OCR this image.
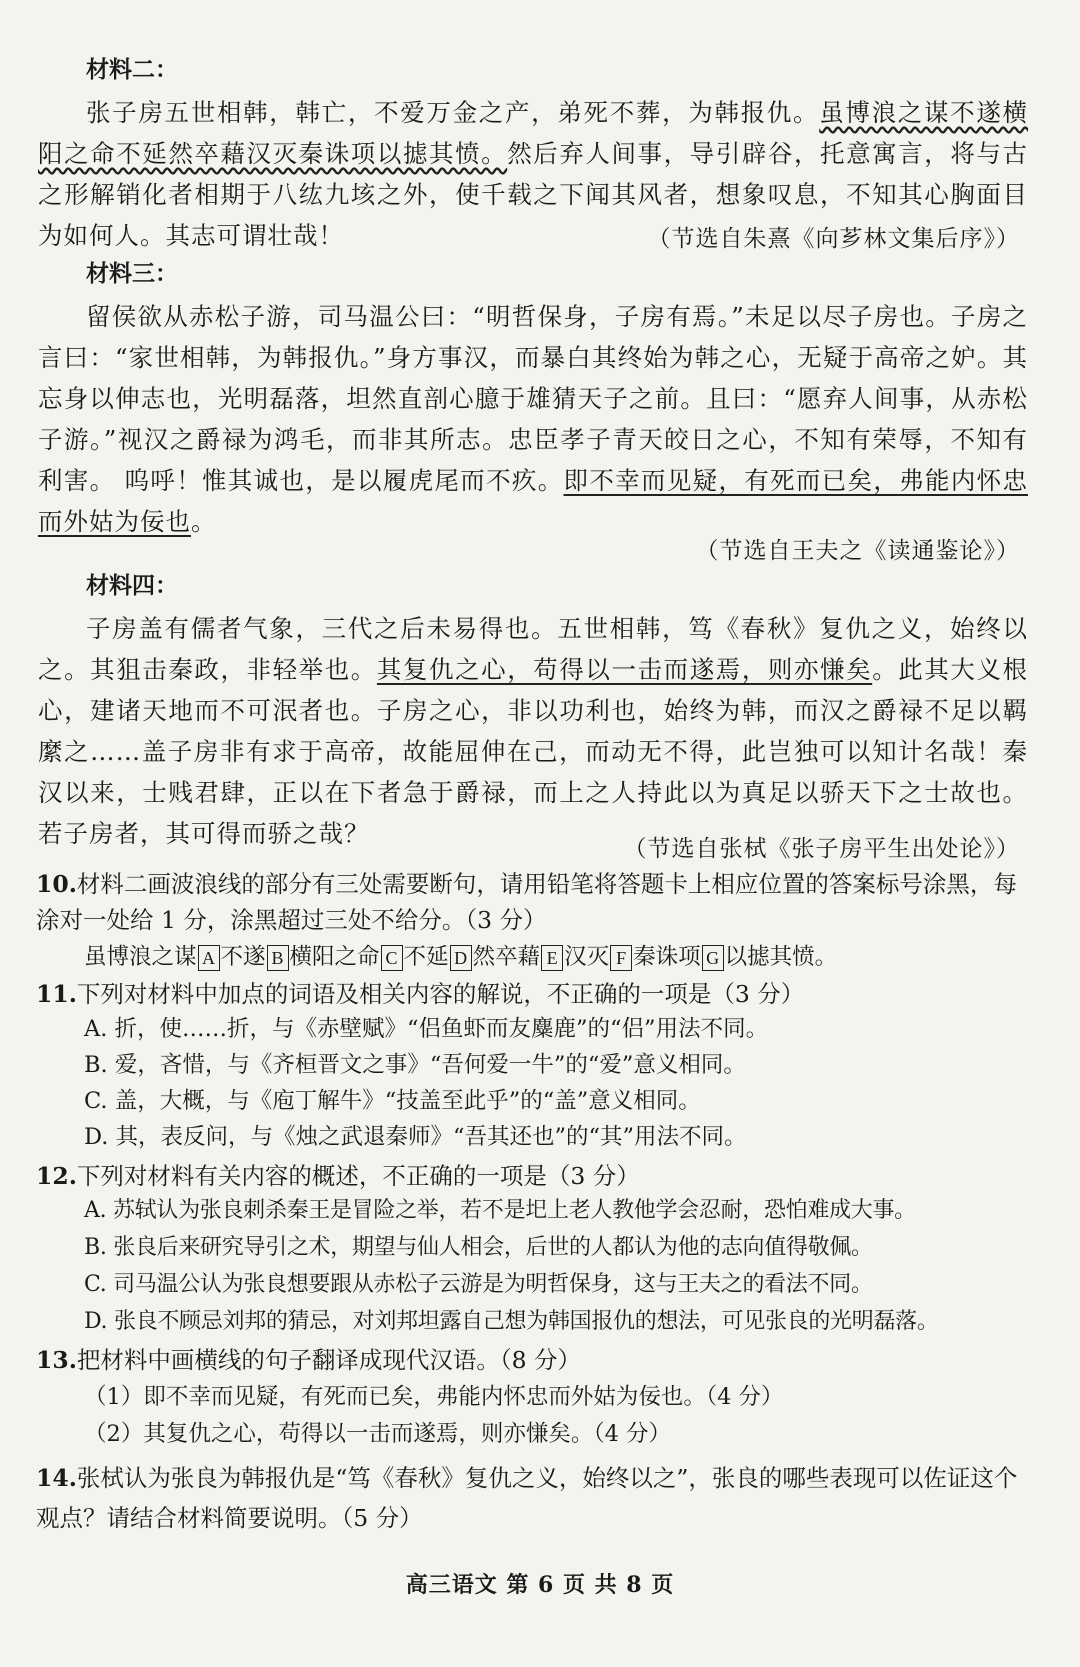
材料二：

张子房五世相韩，韩亡，不爱万金之产，弟死不葬，为韩报仇。虽博浪之谋不遂横阳之命不延然卒藉汉灭秦诛项以摅其愤。然后弃人间事，导引辟谷，托意寓言，将与古之形解销化者相期于八纮九垓之外，使千载之下闻其风者，想象叹息，不知其心胸面目为如何人。其志可谓壮哉！	（节选自朱熹《向芗林文集后序》）
材料三：

留侯欲从赤松子游，司马温公曰：“明哲保身，子房有焉。”未足以尽子房也。子房之言曰：“家世相韩，为韩报仇。”身方事汉，而暴白其终始为韩之心，无疑于高帝之妒。其忘身以伸志也，光明磊落，坦然直剖心臆于雄猜天子之前。且曰：“愿弃人间事，从赤松子游。”视汉之爵禄为鸿毛，而非其所志。忠臣孝子青天皎日之心，不知有荣辱，不知有利害。 呜呼！惟其诚也，是以履虎尾而不疚。即不幸而见疑，有死而已矣，弗能内怀忠而外姑为佞也。

（节选自王夫之《读通鉴论》）
材料四：

子房盖有儒者气象，三代之后未易得也。五世相韩，笃《春秋》复仇之义，始终以之。其狙击秦政，非轻举也。其复仇之心，苟得以一击而遂焉，则亦慊矣。此其大义根心，建诸天地而不可泯者也。子房之心，非以功利也，始终为韩，而汉之爵禄不足以羁縻之……盖子房非有求于高帝，故能屈伸在己，而动无不得，此岂独可以知计名哉！秦汉以来，士贱君肆，正以在下者急于爵禄，而上之人持此以为真足以骄天下之士故也。若子房者，其可得而骄之哉？

（节选自张栻《张子房平生出处论》）
10.材料二画波浪线的部分有三处需要断句，请用铅笔将答题卡上相应位置的答案标号涂黑，每涂对一处给 1 分，涂黑超过三处不给分。（3 分）
虽博浪之谋 A 不遂 B 横阳之命 C 不延 D 然卒藉 E 汉灭 F 秦诛项 G 以摅其愤。
11.下列对材料中加点的词语及相关内容的解说，不正确的一项是（3 分）
A. 折，使……折，与《赤壁赋》“侣鱼虾而友麋鹿”的“侣”用法不同。
B. 爱，吝惜，与《齐桓晋文之事》“吾何爱一牛”的“爱”意义相同。
C. 盖，大概，与《庖丁解牛》“技盖至此乎”的“盖”意义相同。
D. 其，表反问，与《烛之武退秦师》“吾其还也”的“其”用法不同。
12.下列对材料有关内容的概述，不正确的一项是（3 分）
A. 苏轼认为张良刺杀秦王是冒险之举，若不是圯上老人教他学会忍耐，恐怕难成大事。
B. 张良后来研究导引之术，期望与仙人相会，后世的人都认为他的志向值得敬佩。
C. 司马温公认为张良想要跟从赤松子云游是为明哲保身，这与王夫之的看法不同。
D. 张良不顾忌刘邦的猜忌，对刘邦坦露自己想为韩国报仇的想法，可见张良的光明磊落。
13.把材料中画横线的句子翻译成现代汉语。（8 分）
（1）即不幸而见疑，有死而已矣，弗能内怀忠而外姑为佞也。（4 分）
（2）其复仇之心，苟得以一击而遂焉，则亦慊矣。（4 分）
14.张栻认为张良为韩报仇是“笃《春秋》复仇之义，始终以之”，张良的哪些表现可以佐证这个观点？请结合材料简要说明。（5 分）
高三语文 第 6 页 共 8 页
